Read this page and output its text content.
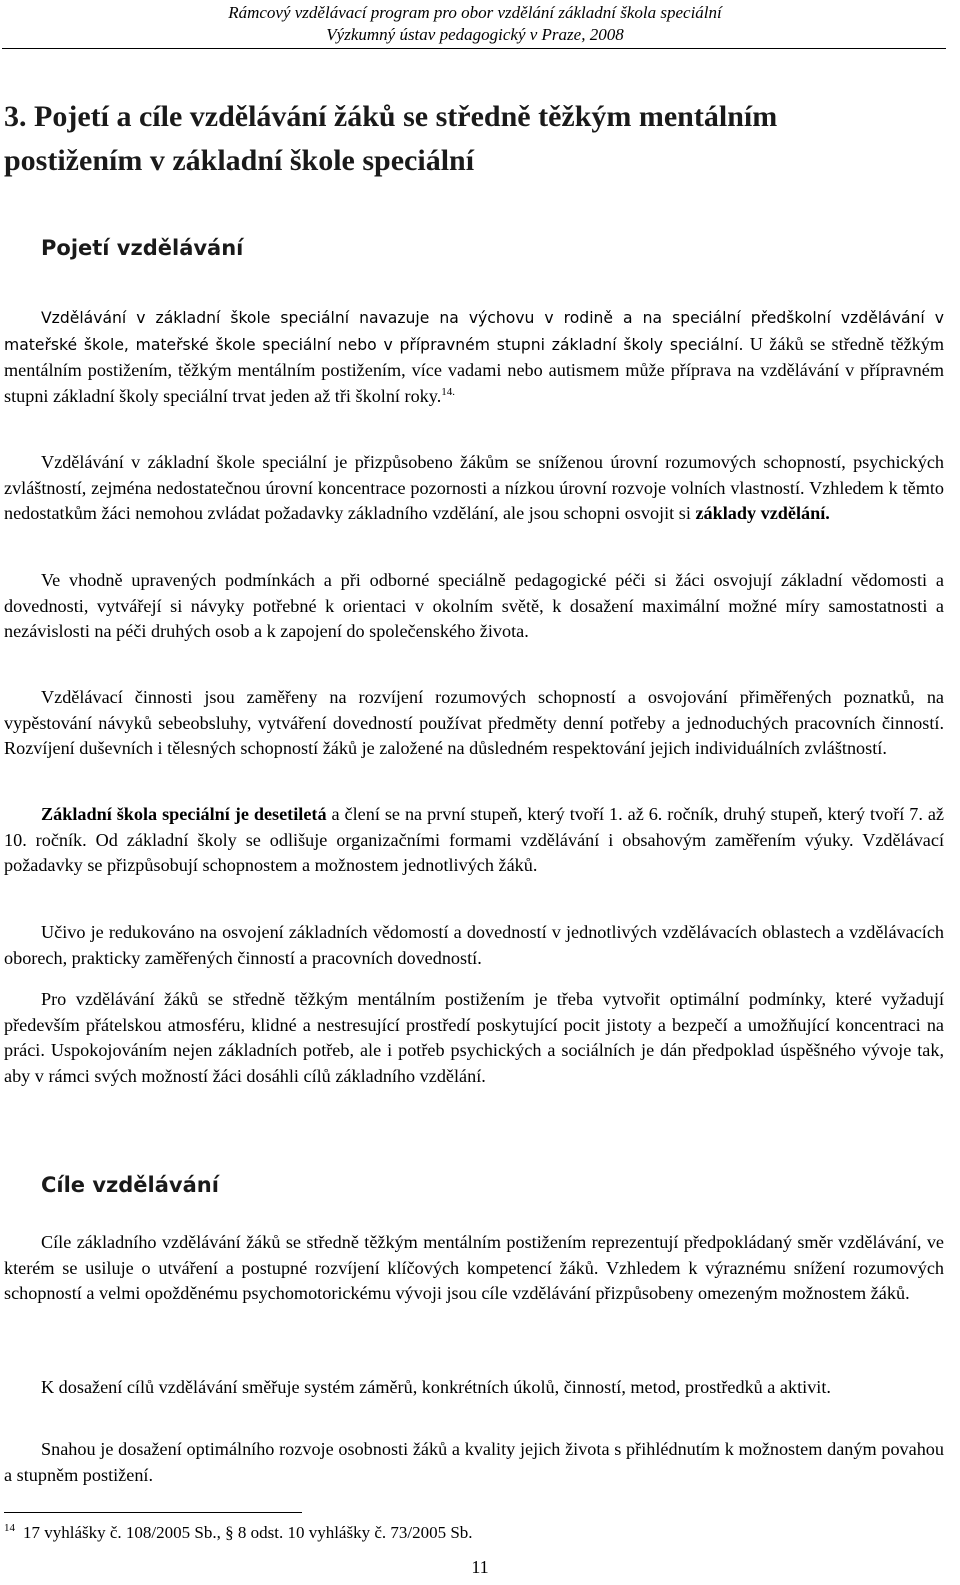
Rámcový vzdělávací program pro obor vzdělání základní škola speciální
Výzkumný ústav pedagogický v Praze, 2008
3. Pojetí a cíle vzdělávání žáků se středně těžkým mentálním postižením v základní škole speciální
Pojetí vzdělávání

Vzdělávání v základní škole speciální navazuje na výchovu v rodině a na speciální předškolní vzdělávání v mateřské škole, mateřské škole speciální nebo v přípravném stupni základní školy speciální. U žáků se středně těžkým mentálním postižením, těžkým mentálním postižením, více vadami nebo autismem může příprava na vzdělávání v přípravném stupni základní školy speciální trvat jeden až tři školní roky.$^{14.}$

Vzdělávání v základní škole speciální je přizpůsobeno žákům se sníženou úrovní rozumových schopností, psychických zvláštností, zejména nedostatečnou úrovní koncentrace pozornosti a nízkou úrovní rozvoje volních vlastností. Vzhledem k těmto nedostatkům žáci nemohou zvládat požadavky základního vzdělání, ale jsou schopni osvojit si základy vzdělání.

Ve vhodně upravených podmínkách a při odborné speciálně pedagogické péči si žáci osvojují základní vědomosti a dovednosti, vytvářejí si návyky potřebné k orientaci v okolním světě, k dosažení maximální možné míry samostatnosti a nezávislosti na péči druhých osob a k zapojení do společenského života.

Vzdělávací činnosti jsou zaměřeny na rozvíjení rozumových schopností a osvojování přiměřených poznatků, na vypěstování návyků sebeobsluhy, vytváření dovedností používat předměty denní potřeby a jednoduchých pracovních činností. Rozvíjení duševních i tělesných schopností žáků je založené na důsledném respektování jejich individuálních zvláštností.

Základní škola speciální je desetiletá a člení se na první stupeň, který tvoří 1. až 6. ročník, druhý stupeň, který tvoří 7. až 10. ročník. Od základní školy se odlišuje organizačními formami vzdělávání i obsahovým zaměřením výuky. Vzdělávací požadavky se přizpůsobují schopnostem a možnostem jednotlivých žáků.

Učivo je redukováno na osvojení základních vědomostí a dovedností v jednotlivých vzdělávacích oblastech a vzdělávacích oborech, prakticky zaměřených činností a pracovních dovedností.

Pro vzdělávání žáků se středně těžkým mentálním postižením je třeba vytvořit optimální podmínky, které vyžadují především přátelskou atmosféru, klidné a nestresující prostředí poskytující pocit jistoty a bezpečí a umožňující koncentraci na práci. Uspokojováním nejen základních potřeb, ale i potřeb psychických a sociálních je dán předpoklad úspěšného vývoje tak, aby v rámci svých možností žáci dosáhli cílů základního vzdělání.

Cíle vzdělávání

Cíle základního vzdělávání žáků se středně těžkým mentálním postižením reprezentují předpokládaný směr vzdělávání, ve kterém se usiluje o utváření a postupné rozvíjení klíčových kompetencí žáků. Vzhledem k výraznému snížení rozumových schopností a velmi opožděnému psychomotorickému vývoji jsou cíle vzdělávání přizpůsobeny omezeným možnostem žáků.

K dosažení cílů vzdělávání směřuje systém záměrů, konkrétních úkolů, činností, metod, prostředků a aktivit.

Snahou je dosažení optimálního rozvoje osobnosti žáků a kvality jejich života s přihlédnutím k možnostem daným povahou a stupněm postižení.

$^{14}$ 17 vyhlášky č. 108/2005 Sb., § 8 odst. 10 vyhlášky č. 73/2005 Sb.
11
